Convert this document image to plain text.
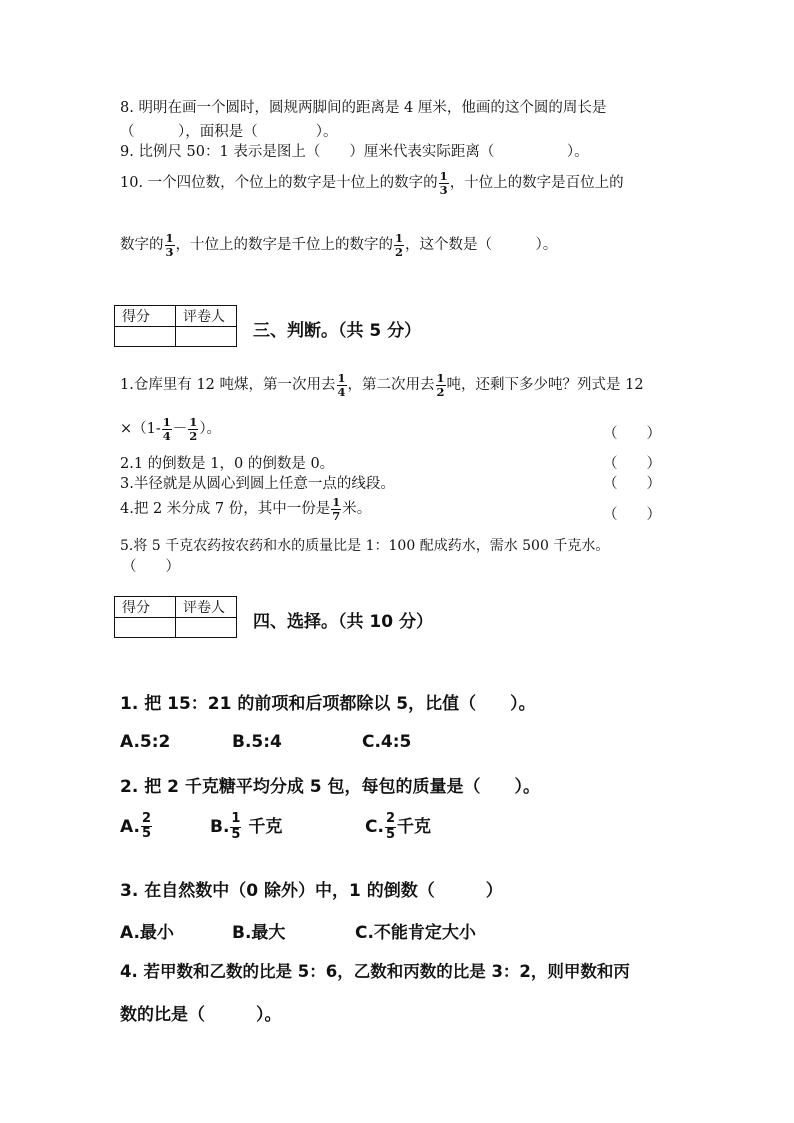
8. 明明在画一个圆时，圆规两脚间的距离是 4 厘米，他画的这个圆的周长是
（　　　），面积是（　　　　）。
9. 比例尺 50：1 表示是图上（　　）厘米代表实际距离（　　　　　）。
10. 一个四位数，个位上的数字是十位上的数字的 $\frac{1}{3}$ ，十位上的数字是百位上的
数字的 $\frac{1}{3}$ ，十位上的数字是千位上的数字的 $\frac{1}{2}$ ，这个数是（　　　）。
得分	评卷人

三、判断。（共 5 分）
1.仓库里有 12 吨煤，第一次用去 $\frac{1}{4}$ ，第二次用去 $\frac{1}{2}$ 吨，还剩下多少吨？列式是 12
$\times(1- \frac{1}{4} - \frac{1}{2}$ ）。	（　　）
2.1 的倒数是 1，0 的倒数是 0。	（　　）
3.半径就是从圆心到圆上任意一点的线段。	（　　）
4.把 2 米分成 7 份，其中一份是 $\frac{1}{7}$ 米。	（　　）
5.将 5 千克农药按农药和水的质量比是 1：100 配成药水，需水 500 千克水。
（　　）
得分	评卷人

四、选择。（共 10 分）
1. 把 15：21 的前项和后项都除以 5，比值（　　）。
A.5:2	B.5:4	C.4:5
2. 把 2 千克糖平均分成 5 包，每包的质量是（　　）。
A. $\frac{2}{5}$	B. $\frac{1}{5}$ 千克	C. $\frac{2}{5}$ 千克
3. 在自然数中（0 除外）中，1 的倒数（　　　）
A.最小	B.最大	C.不能肯定大小
4. 若甲数和乙数的比是 5：6，乙数和丙数的比是 3：2，则甲数和丙
数的比是（　　　）。
